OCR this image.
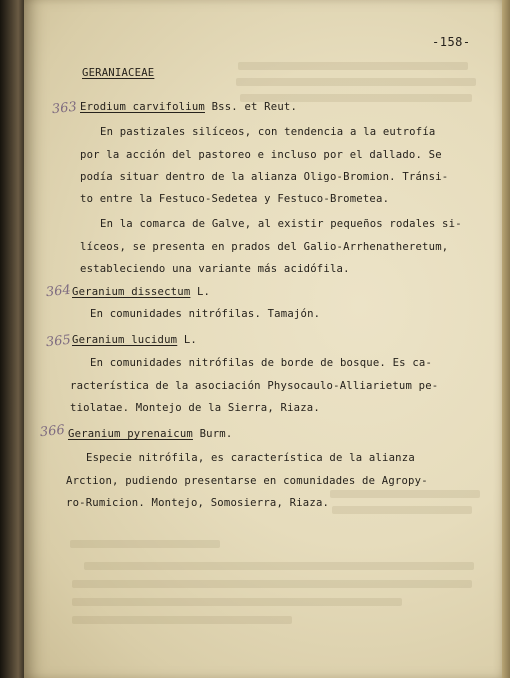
-158-
GERANIACEAE
363 Erodium carvifolium Bss. et Reut.
En pastizales silíceos, con tendencia a la eutrofía
por la acción del pastoreo e incluso por el dallado. Se
podía situar dentro de la alianza Oligo-Bromion. Tránsi-
to entre la Festuco-Sedetea y Festuco-Brometea.
En la comarca de Galve, al existir pequeños rodales si-
líceos, se presenta en prados del Galio-Arrhenatheretum,
estableciendo una variante más acidófila.
364 Geranium dissectum L.
En comunidades nitrófilas. Tamajón.
365 Geranium lucidum L.
En comunidades nitrófilas de borde de bosque. Es ca-
racterística de la asociación Physocaulo-Alliarietum pe-
tiolatae. Montejo de la Sierra, Riaza.
366 Geranium pyrenaicum Burm.
Especie nitrófila, es característica de la alianza
Arction, pudiendo presentarse en comunidades de Agropy-
ro-Rumicion. Montejo, Somosierra, Riaza.
